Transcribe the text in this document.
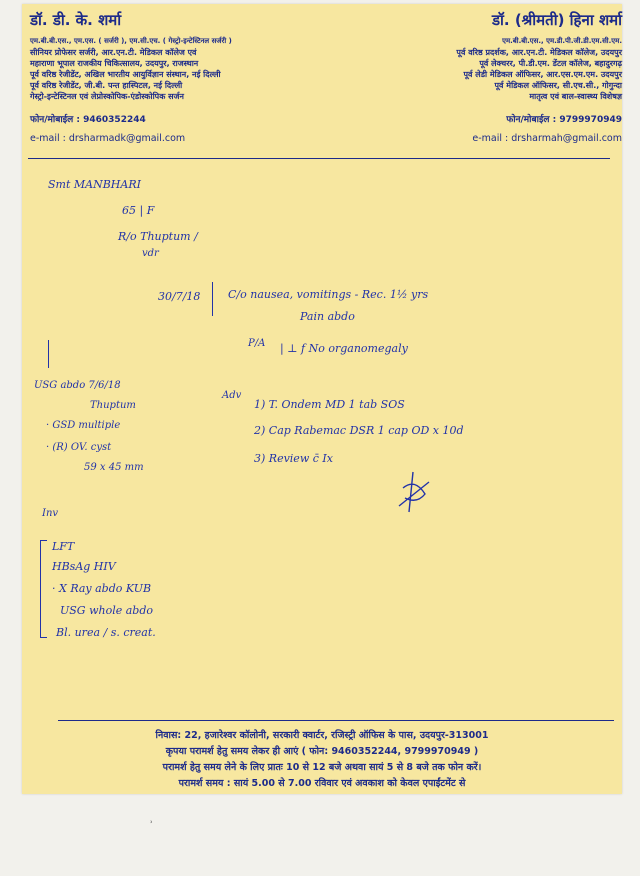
डॉ. डी. के. शर्मा
एम.बी.बी.एस., एम.एस. ( सर्जरी ), एम.सी.एच. ( गेस्ट्रो-इन्टेस्टिनल सर्जरी )
सीनियर प्रोफेसर सर्जरी, आर.एन.टी. मेडिकल कॉलेज एवं
महाराणा भूपाल राजकीय चिकित्सालय, उदयपुर, राजस्थान
पूर्व वरिष्ठ रेजीडेंट, अखिल भारतीय आयुर्विज्ञान संस्थान, नई दिल्ली
पूर्व वरिष्ठ रेजीडेंट, जी.बी. पन्त हास्पिटल, नई दिल्ली
गेस्ट्रो-इन्टेस्टिनल एवं लेप्रोस्कोपिक-एंडोस्कोपिक सर्जन
फोन/मोबाईल : 9460352244
e-mail : drsharmadk@gmail.com
डॉ. (श्रीमती) हिना शर्मा
एम.बी.बी.एस., एम.डी.पी.जी.डी.एम.सी.एम.
पूर्व वरिष्ठ प्रदर्शक, आर.एन.टी. मेडिकल कॉलेज, उदयपुर
पूर्व लेक्चरर, पी.डी.एम. डेंटल कॉलेज, बहादुरगढ़
पूर्व लेडी मेडिकल ऑफिसर, आर.एस.एम.एम. उदयपुर
पूर्व मेडिकल ऑफिसर, सी.एच.सी., गोगुन्दा
मातृत्व एवं बाल-स्वास्थ्य विशेषज्ञ
फोन/मोबाईल : 9799970949
e-mail : drsharmah@gmail.com
Smt MANBHARI
65 | F
R/o Thuptum /
vdr
30/7/18	C/o nausea, vomitings - Rec. 1½ yrs
Pain abdo
P/A | ⊥ f No organomegaly
USG abdo 7/6/18
Thuptum
· GSD multiple
· (R) OV. cyst
59 x 45 mm
Adv
1) T. Ondem MD 1 tab SOS
2) Cap Rabemac DSR 1 cap OD x 10d
3) Review c̄ Ix
Inv
LFT
HBsAg HIV
· X Ray abdo KUB
USG whole abdo
Bl. urea / s. creat.
निवास: 22, हजारेश्वर कॉलोनी, सरकारी क्वार्टर, रजिस्ट्री ऑफिस के पास, उदयपुर-313001
कृपया परामर्श हेतु समय लेकर ही आएं ( फोन: 9460352244, 9799970949 )
परामर्श हेतु समय लेने के लिए प्रातः 10 से 12 बजे अथवा सायं 5 से 8 बजे तक फोन करें।
परामर्श समय : सायं 5.00 से 7.00 रविवार एवं अवकाश को केवल एपाईंटमेंट से
ʾ
